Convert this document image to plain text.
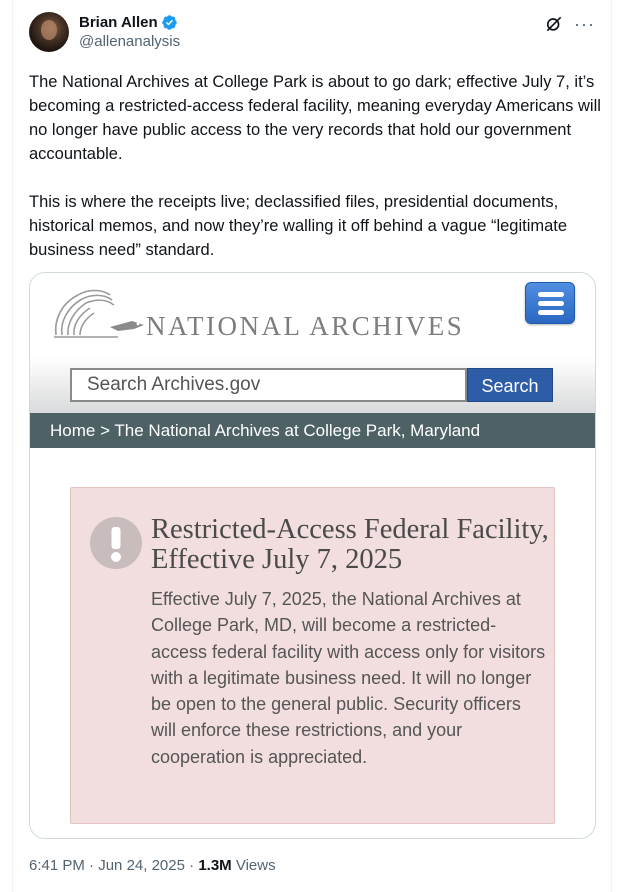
Brian Allen
@allenanalysis
···

The National Archives at College Park is about to go dark; effective July 7, it’s becoming a restricted-access federal facility, meaning everyday Americans will no longer have public access to the very records that hold our government accountable.

This is where the receipts live; declassified files, presidential documents, historical memos, and now they’re walling it off behind a vague “legitimate business need” standard.

NATIONAL ARCHIVES
Search Archives.gov	Search
Home > The National Archives at College Park, Maryland
Restricted-Access Federal Facility, Effective July 7, 2025
Effective July 7, 2025, the National Archives at College Park, MD, will become a restricted-access federal facility with access only for visitors with a legitimate business need. It will no longer be open to the general public. Security officers will enforce these restrictions, and your cooperation is appreciated.
6:41 PM · Jun 24, 2025 · 1.3M Views
